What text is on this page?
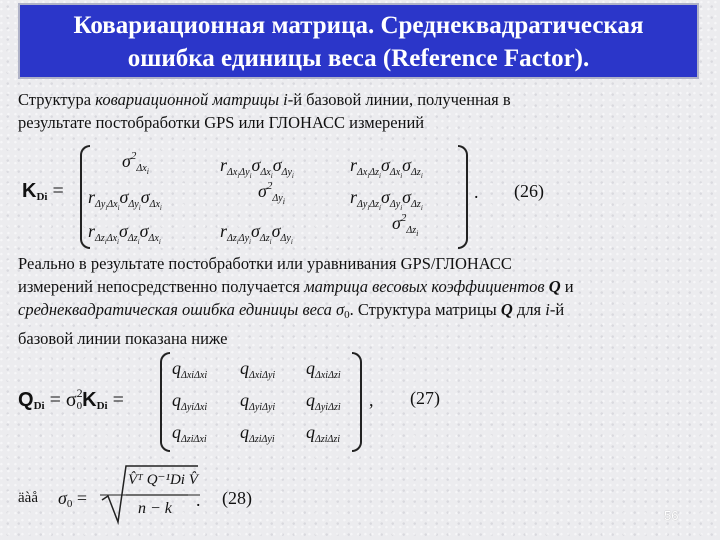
Ковариационная матрица. Среднеквадратическая
ошибка единицы веса (Reference Factor).
Структура ковариационной матрицы i-й базовой линии, полученная в
результате постобработки GPS или ГЛОНАСС измерений
$K_{Di}$ =
$\sigma^2_{\Delta x_i}$	$r_{\Delta x_i\Delta y_i}\sigma_{\Delta x_i}\sigma_{\Delta y_i}$
$r_{\Delta x_i\Delta z_i}\sigma_{\Delta x_i}\sigma_{\Delta z_i}$
$r_{\Delta y_i\Delta x_i}\sigma_{\Delta y_i}\sigma_{\Delta x_i}$
$\sigma^2_{\Delta y_i}$	$r_{\Delta y_i\Delta z_i}\sigma_{\Delta y_i}\sigma_{\Delta z_i}$
$r_{\Delta z_i\Delta x_i}\sigma_{\Delta z_i}\sigma_{\Delta x_i}$
$r_{\Delta z_i\Delta y_i}\sigma_{\Delta z_i}\sigma_{\Delta y_i}$
$\sigma^2_{\Delta z_i}$
. (26)
Реально в результате постобработки или уравнивания GPS/ГЛОНАСС
измерений непосредственно получается матрица весовых коэффициентов Q и
среднеквадратическая ошибка единицы веса $\sigma_0$. Структура матрицы Q для i-й
базовой линии показана ниже
$Q_{Di} = \sigma^2_0K_{Di}$ =
$q_{\Delta xi\Delta xi}$ $q_{\Delta xi\Delta yi}$ $q_{\Delta xi\Delta zi}$
$q_{\Delta yi\Delta xi}$ $q_{\Delta yi\Delta yi}$ $q_{\Delta yi\Delta zi}$
$q_{\Delta zi\Delta xi}$ $q_{\Delta zi\Delta yi}$ $q_{\Delta zi\Delta zi}$
, (27)
äàå $\sigma_0$ =
V̂ᵀ Q⁻¹Di V̂
n − k . (28)
56
